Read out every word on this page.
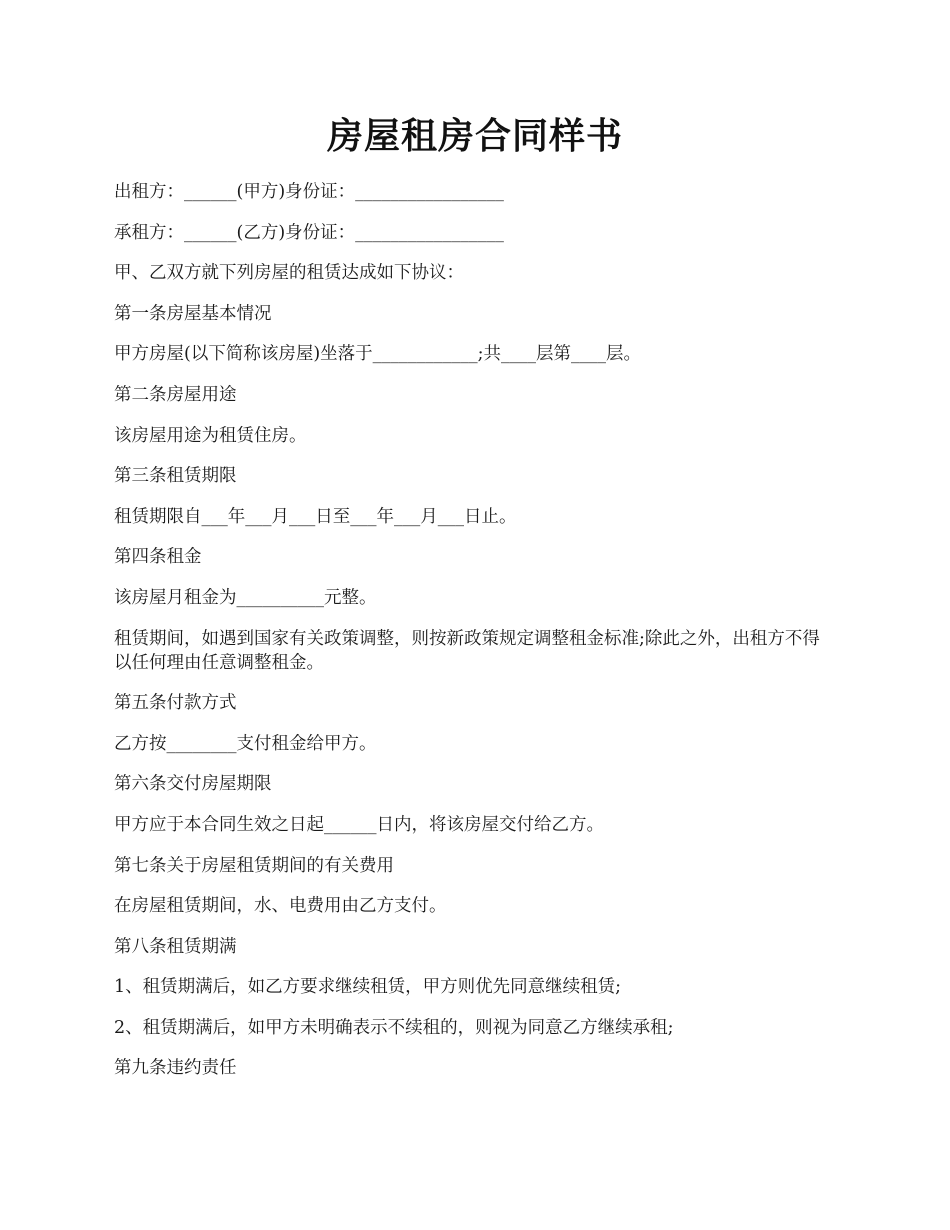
房屋租房合同样书

出租方：______(甲方)身份证：_________________

承租方：______(乙方)身份证：_________________

甲、乙双方就下列房屋的租赁达成如下协议：

第一条房屋基本情况

甲方房屋(以下简称该房屋)坐落于____________;共____层第____层。

第二条房屋用途

该房屋用途为租赁住房。

第三条租赁期限

租赁期限自___年___月___日至___年___月___日止。

第四条租金

该房屋月租金为__________元整。

租赁期间，如遇到国家有关政策调整，则按新政策规定调整租金标准;除此之外，出租方不得以任何理由任意调整租金。

第五条付款方式

乙方按________支付租金给甲方。

第六条交付房屋期限

甲方应于本合同生效之日起______日内，将该房屋交付给乙方。

第七条关于房屋租赁期间的有关费用

在房屋租赁期间，水、电费用由乙方支付。

第八条租赁期满

1、租赁期满后，如乙方要求继续租赁，甲方则优先同意继续租赁;

2、租赁期满后，如甲方未明确表示不续租的，则视为同意乙方继续承租;

第九条违约责任
